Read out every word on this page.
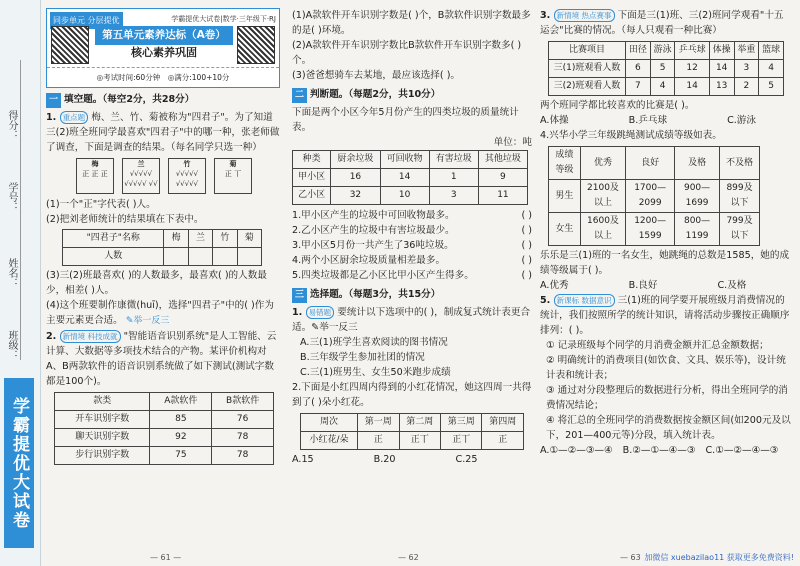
得分：
学号：
姓名：
班级：
学霸提优大试卷
同步单元 分层提优	学霸提优大试卷|数学·三年级下·RJ
第五单元素养达标（A卷）
核心素养巩固
◎考试时间:60分钟　 ◎满分:100+10分
一 填空题。（每空2分，共28分）

1. 重点题 梅、兰、竹、菊被称为"四君子"。为了知道三(2)班全班同学最喜欢"四君子"中的哪一种，张老师做了调查，下面是调查的结果。（每名同学只选一种）

梅
正 正 正
兰
√√√√√ √√√√√ √√
竹
√√√√√ √√√√√
菊
正 丅

(1)一个"正"字代表( )人。

(2)把刘老师统计的结果填在下表中。

"四君子"名称	梅	兰	竹	菊
人数				

(3)三(2)班最喜欢( )的人数最多，最喜欢( )的人数最少，相差( )人。

(4)这个班要制作康微(huī)，选择"四君子"中的( )作为主要元素更合适。 ✎举一反三

2. 新情境 科技成就 "智能语音识别系统"是人工智能、云计算、大数据等多项技术结合的产物。某评价机构对A、B两款软件的语音识别系统做了如下测试(测试字数都是100个)。

款类	A款软件	B款软件
开车识别字数	85	76
聊天识别字数	92	78
步行识别字数	75	78
— 61 —

(1)A款软件开车识别字数是( )个，B款软件识别字数最多的是( )环境。

(2)A款软件开车识别字数比B款软件开车识别字数多( )个。

(3)爸爸想骑车去某地，最应该选择( )。

二 判断题。（每题2分，共10分）

下面是两个小区今年5月份产生的四类垃圾的质量统计表。

单位：吨

种类	厨余垃圾	可回收物	有害垃圾	其他垃圾
甲小区	16	14	1	9
乙小区	32	10	3	11

1.甲小区产生的垃圾中可回收物最多。	( )

2.乙小区产生的垃圾中有害垃圾最少。	( )

3.甲小区5月份一共产生了36吨垃圾。	( )

4.两个小区厨余垃圾质量相差最多。	( )

5.四类垃圾都是乙小区比甲小区产生得多。	( )

三 选择题。（每题3分，共15分）

1. 易错题 要统计以下选项中的( )，制成复式统计表更合适。✎举一反三

A.三(1)班学生喜欢阅读的图书情况

B.三年级学生参加社团的情况

C.三(1)班男生、女生50米跑步成绩

2.下面是小红四周内得到的小红花情况，她这四周一共得到了( )朵小红花。

周次	第一周	第二周	第三周	第四周
小红花/朵	正	正丅	正丅	正

A.15	B.20	C.25

— 62

3. 新情境 热点赛事 下面是三(1)班、三(2)班同学观看"十五运会"比赛的情况。（每人只观看一种比赛）

比赛项目	田径	游泳	乒乓球	体操	举重	篮球
三(1)班观看人数	6	5	12	14	3	4
三(2)班观看人数	7	4	14	13	2	5

两个班同学都比较喜欢的比赛是( )。

A.体操	B.乒乓球	C.游泳

4.兴华小学三年级跳绳测试成绩等级如表。

成绩等级	优秀	良好	及格	不及格
男生	2100及以上	1700—2099	900—1699	899及以下
女生	1600及以上	1200—1599	800—1199	799及以下

乐乐是三(1)班的一名女生，她跳绳的总数是1585，她的成绩等级属于( )。

A.优秀	B.良好	C.及格

5. 新课标 数据意识 三(1)班的同学要开展班级月消费情况的统计，我们按照所学的统计知识，请将活动步骤按正确顺序排列：( )。

① 记录班级每个同学的月消费金额并汇总金额数据；

② 明确统计的消费项目(如饮食、文具、娱乐等)，设计统计表和统计表；

③ 通过对分段整理后的数据进行分析，得出全班同学的消费情况结论；

④ 将汇总的全班同学的消费数据按金额区间(如200元及以下，201—400元等)分段，填入统计表。

A.①—②—③—④ B.②—①—④—③ C.①—②—④—③

— 63 加微信 xuebazilao11 获取更多免费资料!
